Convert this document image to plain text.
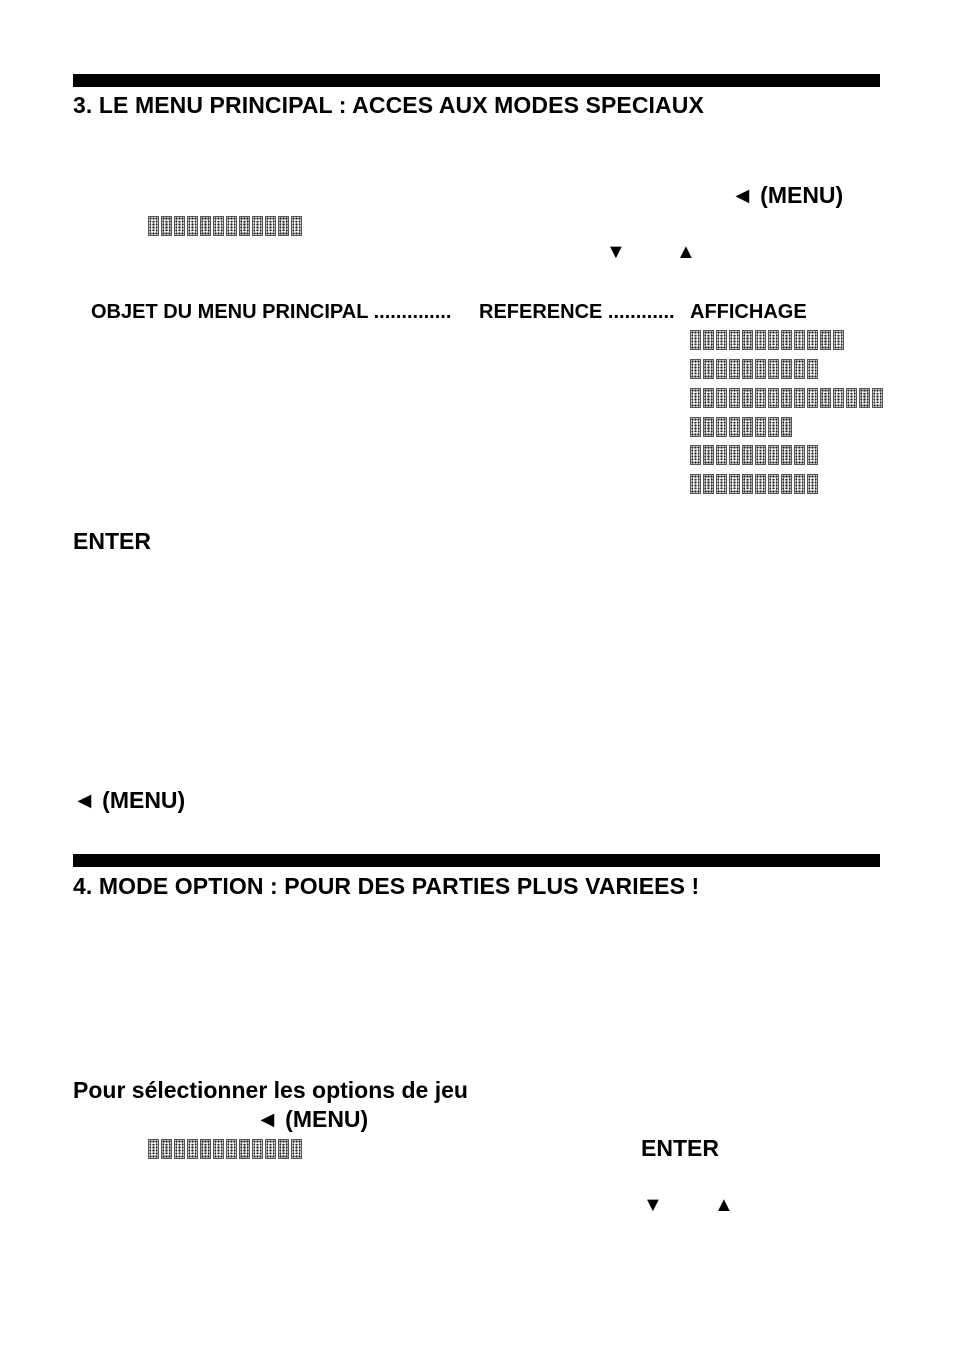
3. LE MENU PRINCIPAL : ACCES AUX MODES SPECIAUX
◄ (MENU)
▼	▲
OBJET DU MENU PRINCIPAL .............. REFERENCE ............ AFFICHAGE
ENTER
◄ (MENU)
4. MODE OPTION : POUR DES PARTIES PLUS VARIEES !
Pour sélectionner les options de jeu
◄ (MENU)
ENTER
▼	▲
